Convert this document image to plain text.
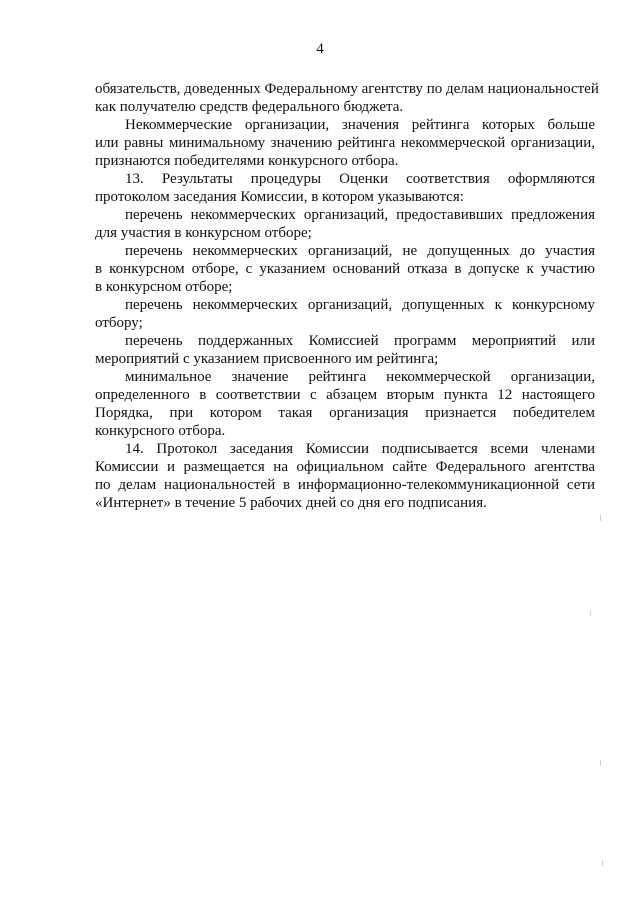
4
обязательств, доведенных Федеральному агентству по делам национальностей
как получателю средств федерального бюджета.
Некоммерческие организации, значения рейтинга которых больше
или равны минимальному значению рейтинга некоммерческой организации,
признаются победителями конкурсного отбора.
13. Результаты процедуры Оценки соответствия оформляются
протоколом заседания Комиссии, в котором указываются:
перечень некоммерческих организаций, предоставивших предложения
для участия в конкурсном отборе;
перечень некоммерческих организаций, не допущенных до участия
в конкурсном отборе, с указанием оснований отказа в допуске к участию
в конкурсном отборе;
перечень некоммерческих организаций, допущенных к конкурсному
отбору;
перечень поддержанных Комиссией программ мероприятий или
мероприятий с указанием присвоенного им рейтинга;
минимальное значение рейтинга некоммерческой организации,
определенного в соответствии с абзацем вторым пункта 12 настоящего
Порядка, при котором такая организация признается победителем
конкурсного отбора.
14. Протокол заседания Комиссии подписывается всеми членами
Комиссии и размещается на официальном сайте Федерального агентства
по делам национальностей в информационно-телекоммуникационной сети
«Интернет» в течение 5 рабочих дней со дня его подписания.
